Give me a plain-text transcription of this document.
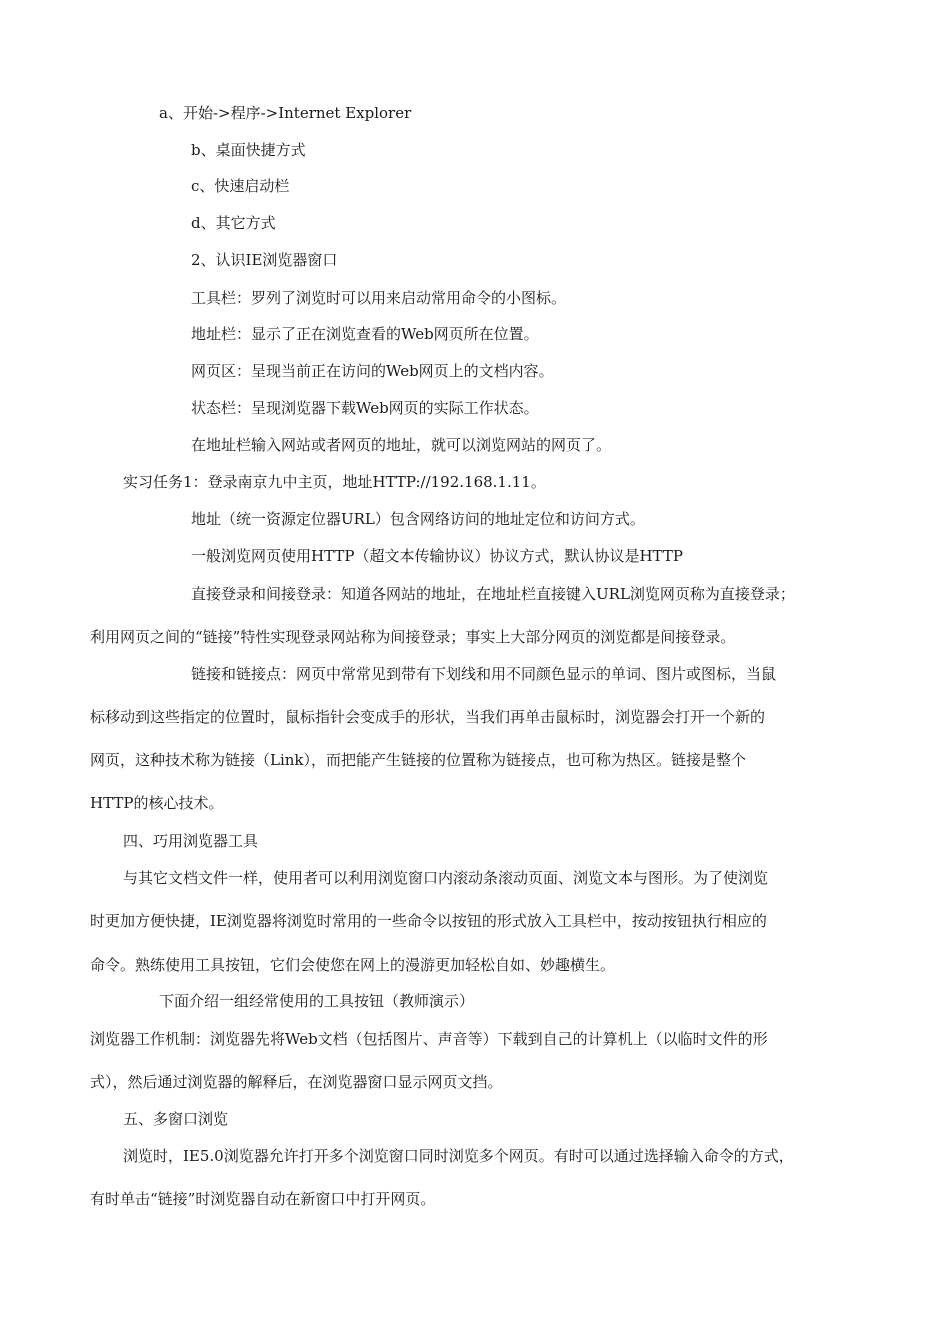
a、开始->程序->Internet Explorer
b、桌面快捷方式
c、快速启动栏
d、其它方式
2、认识IE浏览器窗口
工具栏：罗列了浏览时可以用来启动常用命令的小图标。
地址栏：显示了正在浏览查看的Web网页所在位置。
网页区：呈现当前正在访问的Web网页上的文档内容。
状态栏：呈现浏览器下载Web网页的实际工作状态。
在地址栏输入网站或者网页的地址，就可以浏览网站的网页了。
实习任务1：登录南京九中主页，地址HTTP://192.168.1.11。
地址（统一资源定位器URL）包含网络访问的地址定位和访问方式。
一般浏览网页使用HTTP（超文本传输协议）协议方式，默认协议是HTTP
直接登录和间接登录：知道各网站的地址，在地址栏直接键入URL浏览网页称为直接登录；
利用网页之间的“链接”特性实现登录网站称为间接登录；事实上大部分网页的浏览都是间接登录。
链接和链接点：网页中常常见到带有下划线和用不同颜色显示的单词、图片或图标，当鼠
标移动到这些指定的位置时，鼠标指针会变成手的形状，当我们再单击鼠标时，浏览器会打开一个新的
网页，这种技术称为链接（Link），而把能产生链接的位置称为链接点，也可称为热区。链接是整个
HTTP的核心技术。
四、巧用浏览器工具
与其它文档文件一样，使用者可以利用浏览窗口内滚动条滚动页面、浏览文本与图形。为了使浏览
时更加方便快捷，IE浏览器将浏览时常用的一些命令以按钮的形式放入工具栏中，按动按钮执行相应的
命令。熟练使用工具按钮，它们会使您在网上的漫游更加轻松自如、妙趣横生。
下面介绍一组经常使用的工具按钮（教师演示）
浏览器工作机制：浏览器先将Web文档（包括图片、声音等）下载到自己的计算机上（以临时文件的形
式），然后通过浏览器的解释后，在浏览器窗口显示网页文挡。
五、多窗口浏览
浏览时，IE5.0浏览器允许打开多个浏览窗口同时浏览多个网页。有时可以通过选择输入命令的方式，
有时单击“链接”时浏览器自动在新窗口中打开网页。
